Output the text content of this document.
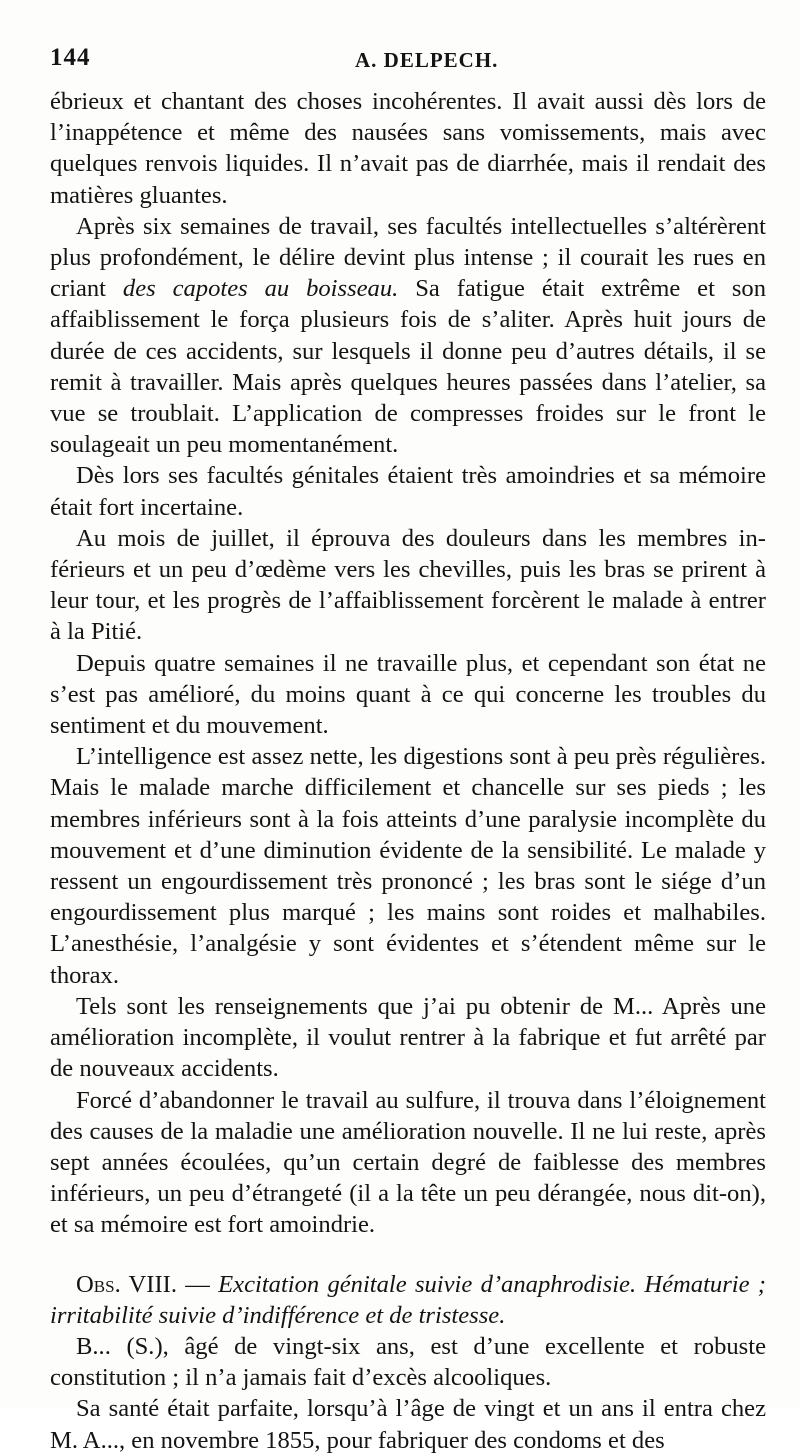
144	A. DELPECH.

ébrieux et chantant des choses incohérentes. Il avait aussi dès lors de l’inappétence et même des nausées sans vomissements, mais avec quelques renvois liquides. Il n’avait pas de diarrhée, mais il rendait des matières gluantes.

Après six semaines de travail, ses facultés intellectuelles s’altérèrent plus profondément, le délire devint plus intense ; il courait les rues en criant des capotes au boisseau. Sa fatigue était extrême et son affaiblissement le força plusieurs fois de s’aliter. Après huit jours de durée de ces accidents, sur lesquels il donne peu d’autres détails, il se remit à travailler. Mais après quelques heures passées dans l’atelier, sa vue se troublait. L’application de compresses froides sur le front le soulageait un peu momentanément.

Dès lors ses facultés génitales étaient très amoindries et sa mémoire était fort incertaine.

Au mois de juillet, il éprouva des douleurs dans les membres inférieurs et un peu d’œdème vers les chevilles, puis les bras se prirent à leur tour, et les progrès de l’affaiblissement forcèrent le malade à entrer à la Pitié.

Depuis quatre semaines il ne travaille plus, et cependant son état ne s’est pas amélioré, du moins quant à ce qui concerne les troubles du sentiment et du mouvement.

L’intelligence est assez nette, les digestions sont à peu près régulières. Mais le malade marche difficilement et chancelle sur ses pieds ; les membres inférieurs sont à la fois atteints d’une paralysie incomplète du mouvement et d’une diminution évidente de la sensibilité. Le malade y ressent un engourdissement très prononcé ; les bras sont le siége d’un engourdissement plus marqué ; les mains sont roides et malhabiles. L’anesthésie, l’analgésie y sont évidentes et s’étendent même sur le thorax.

Tels sont les renseignements que j’ai pu obtenir de M... Après une amélioration incomplète, il voulut rentrer à la fabrique et fut arrêté par de nouveaux accidents.

Forcé d’abandonner le travail au sulfure, il trouva dans l’éloignement des causes de la maladie une amélioration nouvelle. Il ne lui reste, après sept années écoulées, qu’un certain degré de faiblesse des membres inférieurs, un peu d’étrangeté (il a la tête un peu dérangée, nous dit-on), et sa mémoire est fort amoindrie.

Obs. VIII. — Excitation génitale suivie d’anaphrodisie. Hématurie ; irritabilité suivie d’indifférence et de tristesse.

B... (S.), âgé de vingt-six ans, est d’une excellente et robuste constitution ; il n’a jamais fait d’excès alcooliques.

Sa santé était parfaite, lorsqu’à l’âge de vingt et un ans il entra chez M. A..., en novembre 1855, pour fabriquer des condoms et des
